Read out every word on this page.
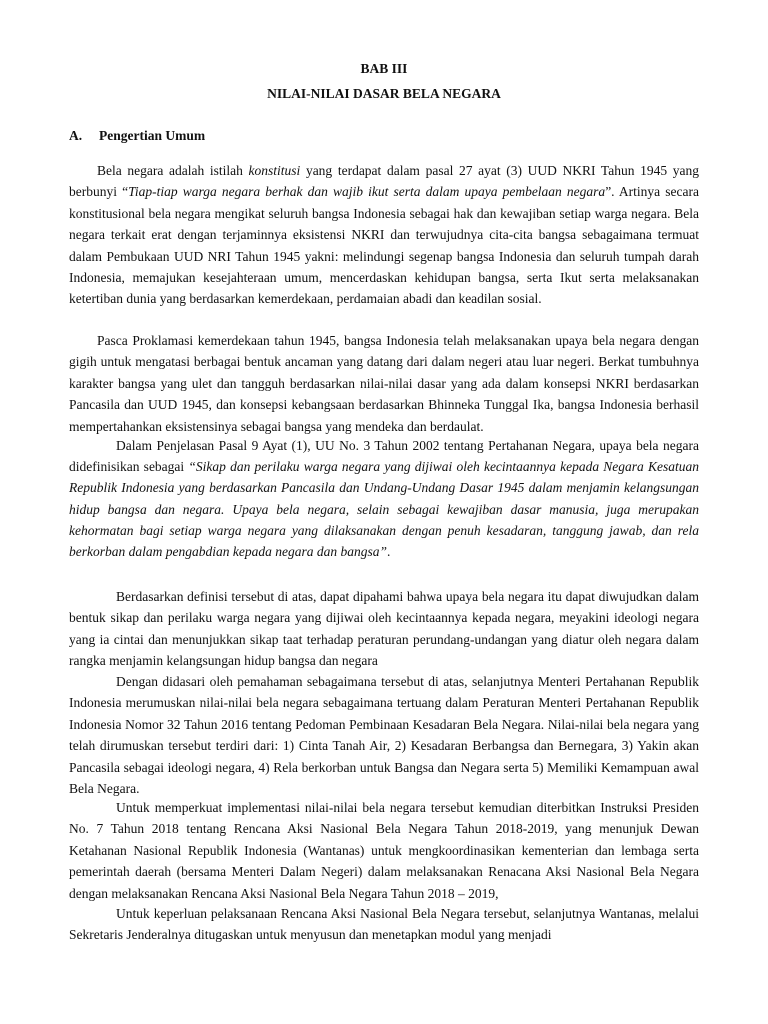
BAB III
NILAI-NILAI DASAR BELA NEGARA
A. Pengertian Umum

Bela negara adalah istilah konstitusi yang terdapat dalam pasal 27 ayat (3) UUD NKRI Tahun 1945 yang berbunyi “Tiap-tiap warga negara berhak dan wajib ikut serta dalam upaya pembelaan negara”. Artinya secara konstitusional bela negara mengikat seluruh bangsa Indonesia sebagai hak dan kewajiban setiap warga negara. Bela negara terkait erat dengan terjaminnya eksistensi NKRI dan terwujudnya cita-cita bangsa sebagaimana termuat dalam Pembukaan UUD NRI Tahun 1945 yakni: melindungi segenap bangsa Indonesia dan seluruh tumpah darah Indonesia, memajukan kesejahteraan umum, mencerdaskan kehidupan bangsa, serta Ikut serta melaksanakan ketertiban dunia yang berdasarkan kemerdekaan, perdamaian abadi dan keadilan sosial.

Pasca Proklamasi kemerdekaan tahun 1945, bangsa Indonesia telah melaksanakan upaya bela negara dengan gigih untuk mengatasi berbagai bentuk ancaman yang datang dari dalam negeri atau luar negeri. Berkat tumbuhnya karakter bangsa yang ulet dan tangguh berdasarkan nilai-nilai dasar yang ada dalam konsepsi NKRI berdasarkan Pancasila dan UUD 1945, dan konsepsi kebangsaan berdasarkan Bhinneka Tunggal Ika, bangsa Indonesia berhasil mempertahankan eksistensinya sebagai bangsa yang mendeka dan berdaulat.

Dalam Penjelasan Pasal 9 Ayat (1), UU No. 3 Tahun 2002 tentang Pertahanan Negara, upaya bela negara didefinisikan sebagai “Sikap dan perilaku warga negara yang dijiwai oleh kecintaannya kepada Negara Kesatuan Republik Indonesia yang berdasarkan Pancasila dan Undang-Undang Dasar 1945 dalam menjamin kelangsungan hidup bangsa dan negara. Upaya bela negara, selain sebagai kewajiban dasar manusia, juga merupakan kehormatan bagi setiap warga negara yang dilaksanakan dengan penuh kesadaran, tanggung jawab, dan rela berkorban dalam pengabdian kepada negara dan bangsa”.

Berdasarkan definisi tersebut di atas, dapat dipahami bahwa upaya bela negara itu dapat diwujudkan dalam bentuk sikap dan perilaku warga negara yang dijiwai oleh kecintaannya kepada negara, meyakini ideologi negara yang ia cintai dan menunjukkan sikap taat terhadap peraturan perundang-undangan yang diatur oleh negara dalam rangka menjamin kelangsungan hidup bangsa dan negara

Dengan didasari oleh pemahaman sebagaimana tersebut di atas, selanjutnya Menteri Pertahanan Republik Indonesia merumuskan nilai-nilai bela negara sebagaimana tertuang dalam Peraturan Menteri Pertahanan Republik Indonesia Nomor 32 Tahun 2016 tentang Pedoman Pembinaan Kesadaran Bela Negara. Nilai-nilai bela negara yang telah dirumuskan tersebut terdiri dari: 1) Cinta Tanah Air, 2) Kesadaran Berbangsa dan Bernegara, 3) Yakin akan Pancasila sebagai ideologi negara, 4) Rela berkorban untuk Bangsa dan Negara serta 5) Memiliki Kemampuan awal Bela Negara.

Untuk memperkuat implementasi nilai-nilai bela negara tersebut kemudian diterbitkan Instruksi Presiden No. 7 Tahun 2018 tentang Rencana Aksi Nasional Bela Negara Tahun 2018-2019, yang menunjuk Dewan Ketahanan Nasional Republik Indonesia (Wantanas) untuk mengkoordinasikan kementerian dan lembaga serta pemerintah daerah (bersama Menteri Dalam Negeri) dalam melaksanakan Renacana Aksi Nasional Bela Negara dengan melaksanakan Rencana Aksi Nasional Bela Negara Tahun 2018 – 2019,

Untuk keperluan pelaksanaan Rencana Aksi Nasional Bela Negara tersebut, selanjutnya Wantanas, melalui Sekretaris Jenderalnya ditugaskan untuk menyusun dan menetapkan modul yang menjadi
